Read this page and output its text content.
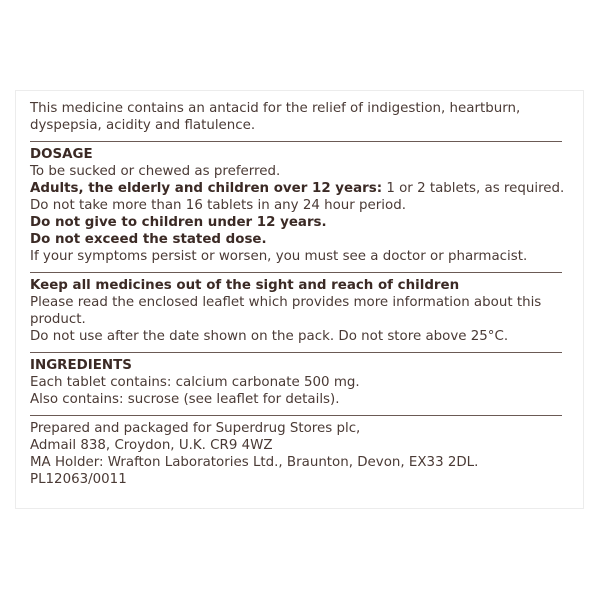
This medicine contains an antacid for the relief of indigestion, heartburn,
dyspepsia, acidity and flatulence.
DOSAGE
To be sucked or chewed as preferred.
Adults, the elderly and children over 12 years: 1 or 2 tablets, as required.
Do not take more than 16 tablets in any 24 hour period.
Do not give to children under 12 years.
Do not exceed the stated dose.
If your symptoms persist or worsen, you must see a doctor or pharmacist.
Keep all medicines out of the sight and reach of children
Please read the enclosed leaflet which provides more information about this
product.
Do not use after the date shown on the pack. Do not store above 25°C.
INGREDIENTS
Each tablet contains: calcium carbonate 500 mg.
Also contains: sucrose (see leaflet for details).
Prepared and packaged for Superdrug Stores plc,
Admail 838, Croydon, U.K. CR9 4WZ
MA Holder: Wrafton Laboratories Ltd., Braunton, Devon, EX33 2DL.
PL12063/0011
